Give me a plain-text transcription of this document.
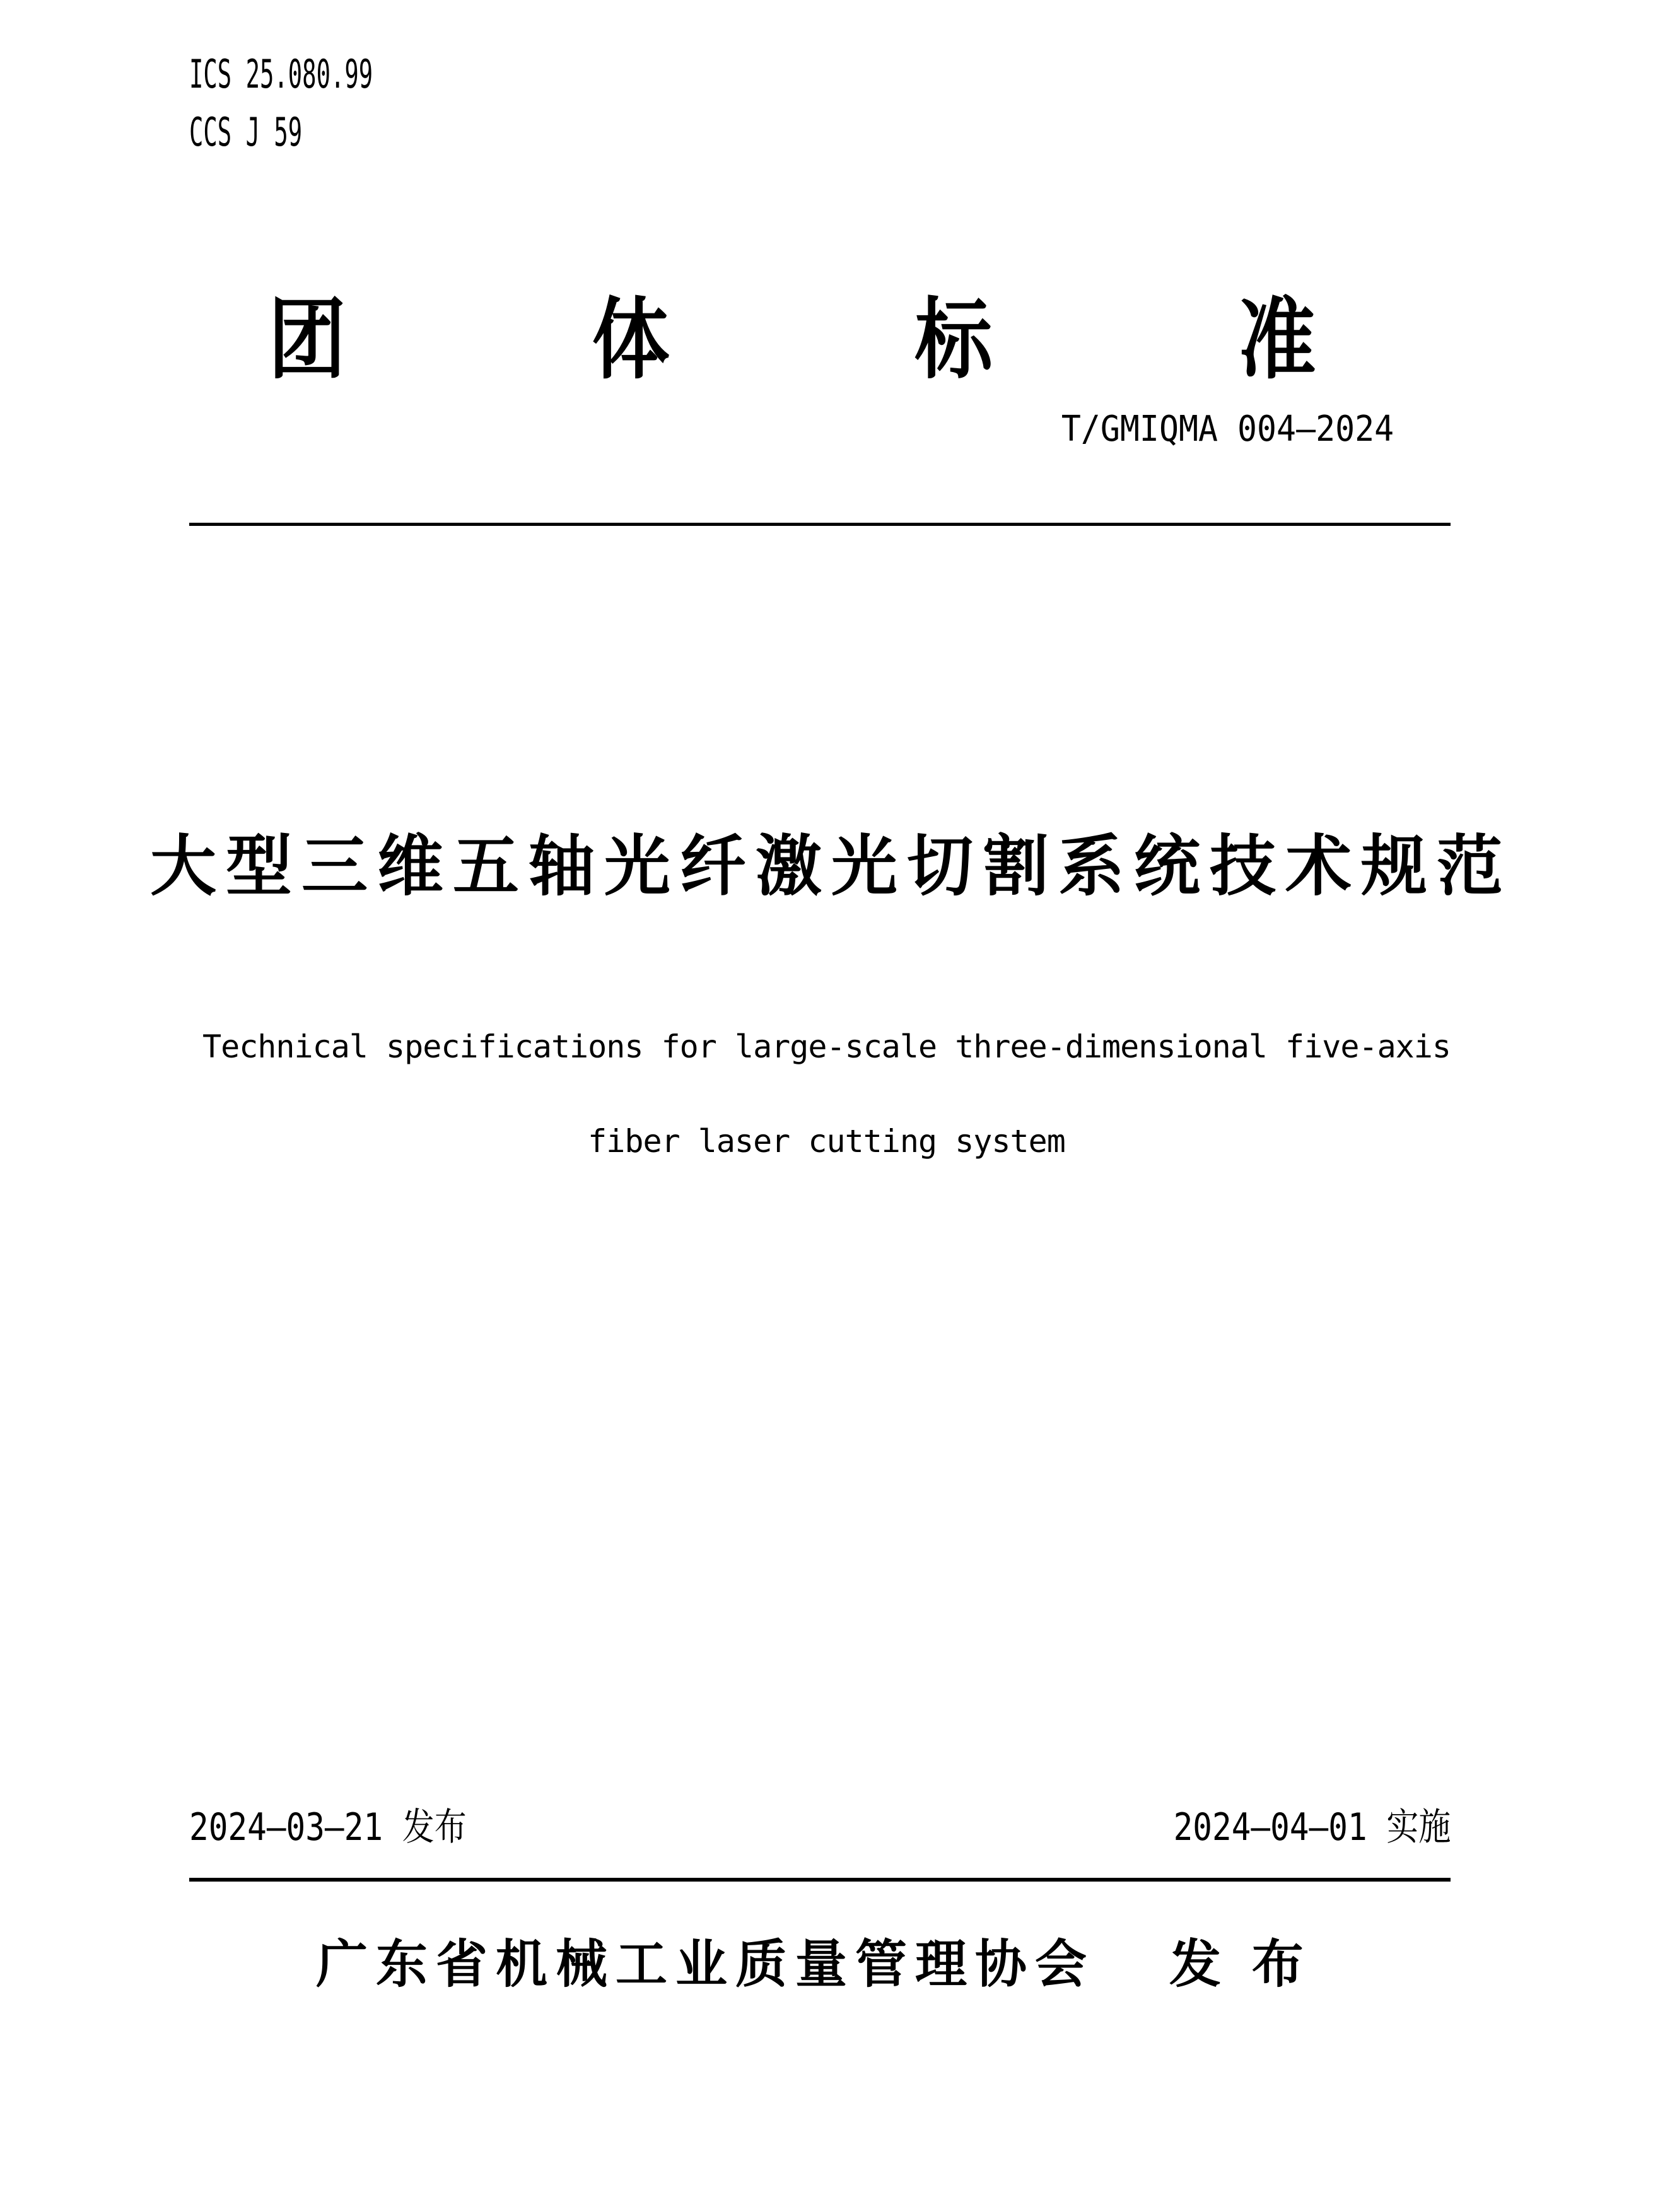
ICS 25.080.99
CCS J 59
团	体	标	准
T/GMIQMA 004—2024
大型三维五轴光纤激光切割系统技术规范
Technical specifications for large-scale three-dimensional five-axis
fiber laser cutting system
2024—03—21 发布	2024—04—01 实施
广东省机械工业质量管理协会 发 布
